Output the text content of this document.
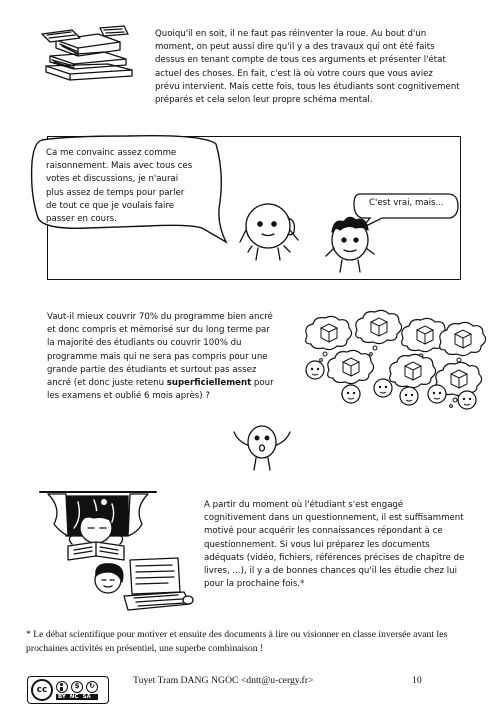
Quoiqu'il en soit, il ne faut pas réinventer la roue. Au bout d'un moment, on peut aussi dire qu'il y a des travaux qui ont été faits dessus en tenant compte de tous ces arguments et présenter l'état actuel des choses. En fait, c'est là où votre cours que vous aviez prévu intervient. Mais cette fois, tous les étudiants sont cognitivement préparés et cela selon leur propre schéma mental.
Ca me convainc assez comme raisonnement. Mais avec tous ces votes et discussions, je n'aurai plus assez de temps pour parler de tout ce que je voulais faire passer en cours.
C'est vrai, mais...
Vaut-il mieux couvrir 70% du programme bien ancré et donc compris et mémorisé sur du long terme par la majorité des étudiants ou couvrir 100% du programme mais qui ne sera pas compris pour une grande partie des étudiants et surtout pas assez ancré (et donc juste retenu superficiellement pour les examens et oublié 6 mois après) ?
A partir du moment où l'étudiant s'est engagé cognitivement dans un questionnement, il est suffisamment motivé pour acquérir les connaissances répondant à ce questionnement. Si vous lui préparez les documents adéquats (vidéo, fichiers, références précises de chapitre de livres, ...), il y a de bonnes chances qu'il les étudie chez lui pour la prochaine fois.*
* Le débat scientifique pour motiver et ensuite des documents à lire ou visionner en classe inversée avant les prochaines activités en présentiel, une superbe combinaison !
cc	$	↻
BY NC SA
Tuyet Tram DANG NGOC <dntt@u-cergy.fr>	10
